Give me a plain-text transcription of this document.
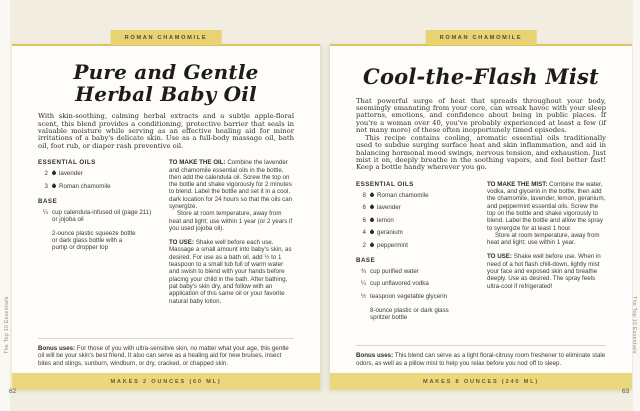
ROMAN CHAMOMILE
Pure and Gentle
Herbal Baby Oil

With skin-soothing, calming herbal extracts and a subtle apple-floral scent, this blend provides a conditioning, protective barrier that seals in valuable moisture while serving as an effective healing aid for minor irritations of a baby's delicate skin. Use as a full-body massage oil, bath oil, foot rub, or diaper rash preventive oil.

ESSENTIAL OILS
2 lavender
3 Roman chamomile
BASE
¼ cup calendula-infused oil (page 211) or jojoba oil
2-ounce plastic squeeze bottle or dark glass bottle with a pump or dropper top

TO MAKE THE OIL: Combine the lavender and chamomile essential oils in the bottle, then add the calendula oil. Screw the top on the bottle and shake vigorously for 2 minutes to blend. Label the bottle and set it in a cool, dark location for 24 hours so that the oils can synergize.

Store at room temperature, away from heat and light; use within 1 year (or 2 years if you used jojoba oil).

TO USE: Shake well before each use. Massage a small amount into baby's skin, as desired. For use as a bath oil, add ½ to 1 teaspoon to a small tub full of warm water and swish to blend with your hands before placing your child in the bath. After bathing, pat baby's skin dry, and follow with an application of this same oil or your favorite natural baby lotion.

Bonus uses: For those of you with ultra-sensitive skin, no matter what your age, this gentle oil will be your skin's best friend. It also can serve as a healing aid for new bruises, insect bites and stings, sunburn, windburn, or dry, cracked, or chapped skin.
MAKES 2 OUNCES (60 ML)
ROMAN CHAMOMILE
Cool-the-Flash Mist

That powerful surge of heat that spreads throughout your body, seemingly emanating from your core, can wreak havoc with your sleep patterns, emotions, and confidence about being in public places. If you're a woman over 40, you've probably experienced at least a few (if not many more) of these often inopportunely timed episodes.

This recipe contains cooling, aromatic essential oils traditionally used to subdue surging surface heat and skin inflammation, and aid in balancing hormonal mood swings, nervous tension, and exhaustion. Just mist it on, deeply breathe in the soothing vapors, and feel better fast! Keep a bottle handy wherever you go.

ESSENTIAL OILS
8 Roman chamomile
6 lavender
6 lemon
4 geranium
2 peppermint
BASE
¾ cup purified water
¼ cup unflavored vodka
½ teaspoon vegetable glycerin
8-ounce plastic or dark glass spritzer bottle

TO MAKE THE MIST: Combine the water, vodka, and glycerin in the bottle, then add the chamomile, lavender, lemon, geranium, and peppermint essential oils. Screw the top on the bottle and shake vigorously to blend. Label the bottle and allow the spray to synergize for at least 1 hour.

Store at room temperature, away from heat and light; use within 1 year.

TO USE: Shake well before use. When in need of a hot flash chill-down, lightly mist your face and exposed skin and breathe deeply. Use as desired. The spray feels ultra-cool if refrigerated!

Bonus uses: This blend can serve as a light floral-citrusy room freshener to eliminate stale odors, as well as a pillow mist to help you relax before you nod off to sleep.
MAKES 8 OUNCES (240 ML)
The Top 10 Essentials	The Top 10 Essentials
62	63
